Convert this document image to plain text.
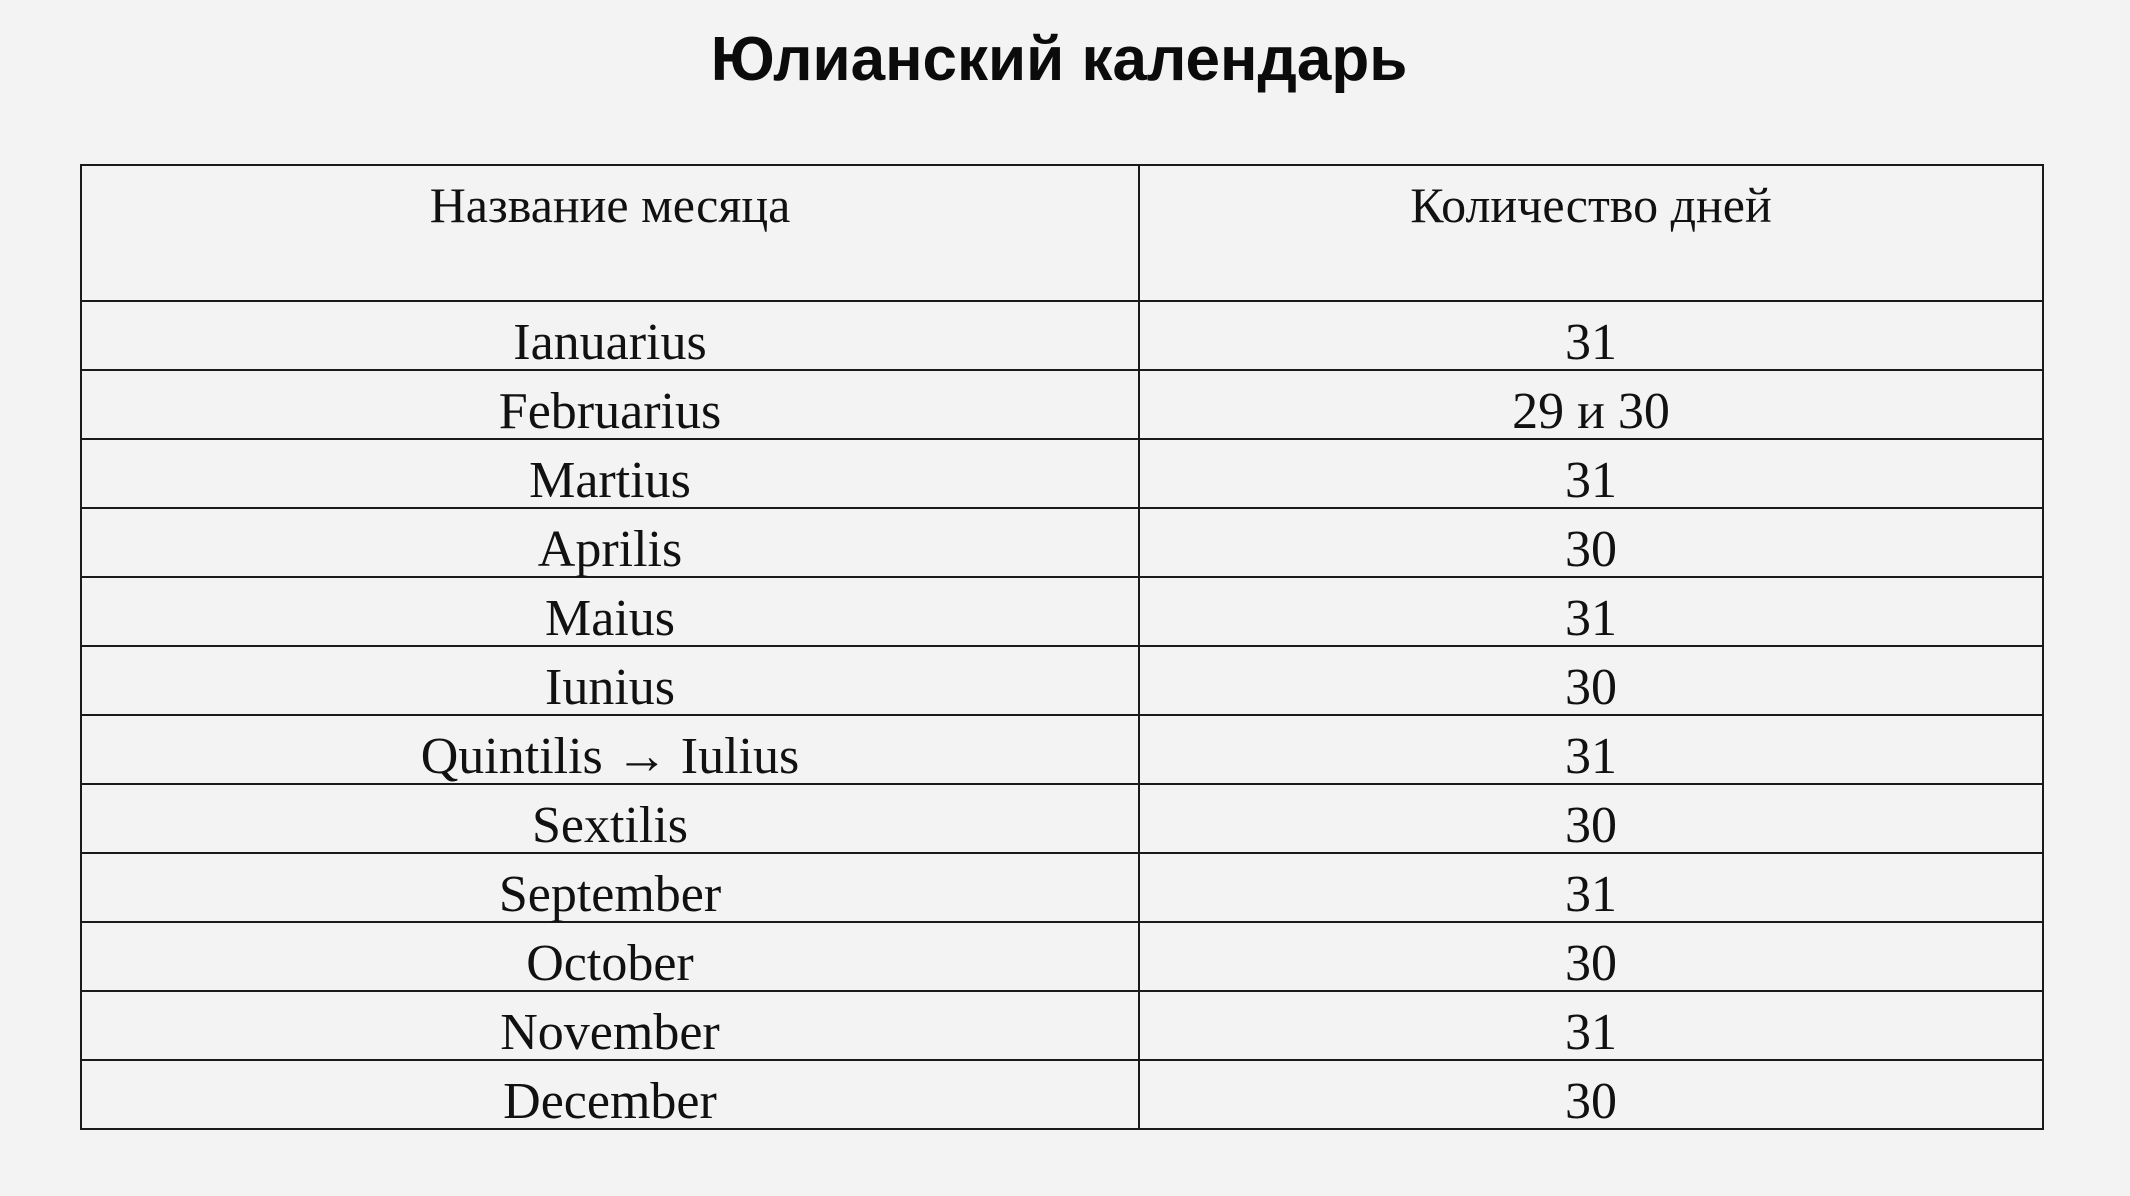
Юлианский календарь
Название месяца	Количество дней
Ianuarius	31
Februarius	29 и 30
Martius	31
Aprilis	30
Maius	31
Iunius	30
Quintilis → Iulius	31
Sextilis	30
September	31
October	30
November	31
December	30
